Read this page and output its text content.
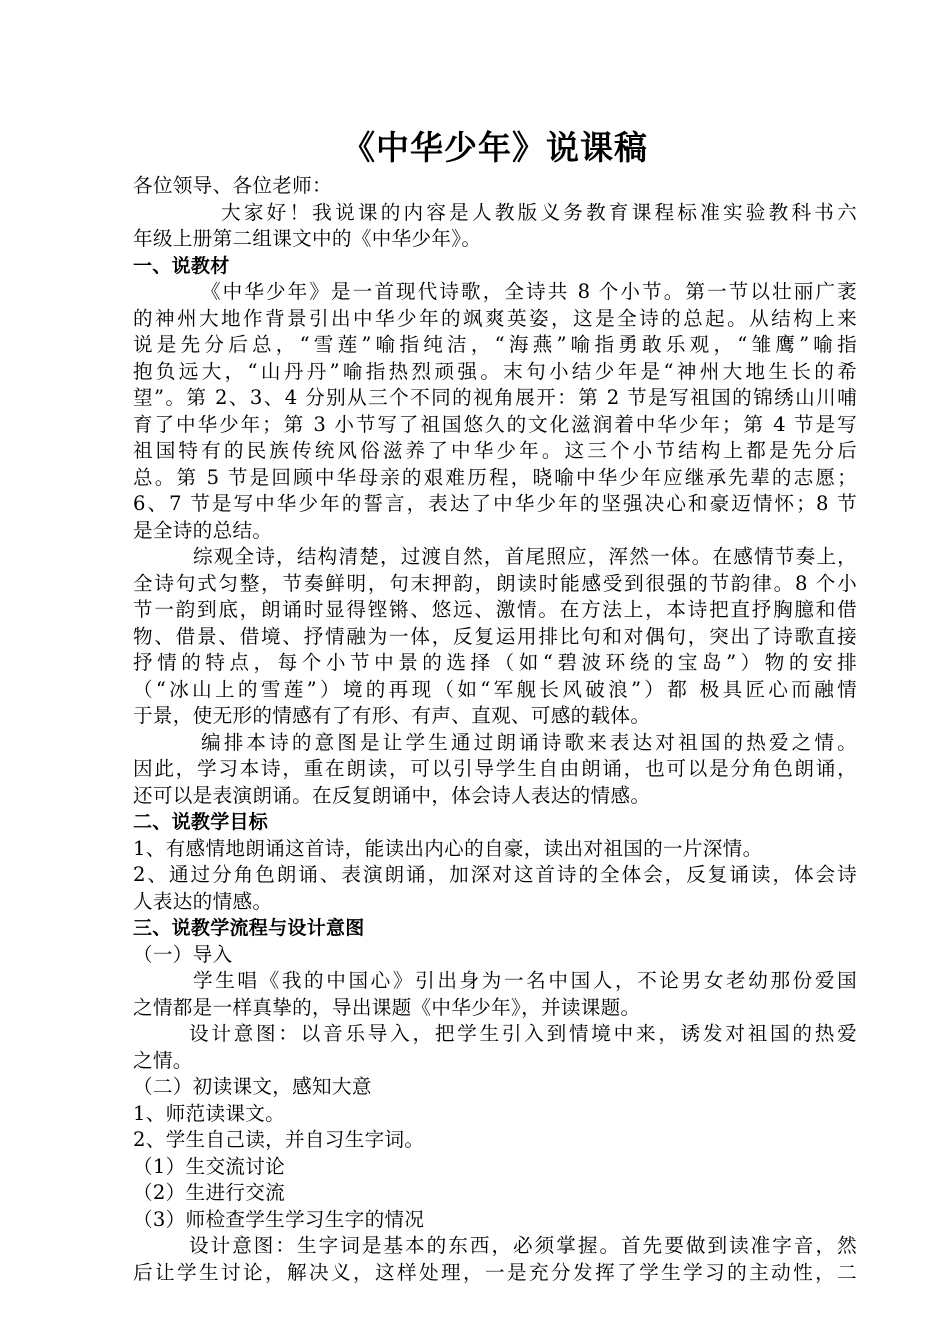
《中华少年》说课稿

各位领导、各位老师：

大家好！我说课的内容是人教版义务教育课程标准实验教科书六

年级上册第二组课文中的《中华少年》。

一、说教材

《中华少年》是一首现代诗歌，全诗共 8 个小节。第一节以壮丽广袤

的神州大地作背景引出中华少年的飒爽英姿，这是全诗的总起。从结构上来

说是先分后总，“雪莲”喻指纯洁，“海燕”喻指勇敢乐观，“雏鹰”喻指

抱负远大，“山丹丹”喻指热烈顽强。末句小结少年是“神州大地生长的希

望”。第 2、3、4 分别从三个不同的视角展开：第 2 节是写祖国的锦绣山川哺

育了中华少年；第 3 小节写了祖国悠久的文化滋润着中华少年；第 4 节是写

祖国特有的民族传统风俗滋养了中华少年。这三个小节结构上都是先分后

总。第 5 节是回顾中华母亲的艰难历程，晓喻中华少年应继承先辈的志愿；

6、7 节是写中华少年的誓言，表达了中华少年的坚强决心和豪迈情怀；8 节

是全诗的总结。

综观全诗，结构清楚，过渡自然，首尾照应，浑然一体。在感情节奏上，

全诗句式匀整，节奏鲜明，句末押韵，朗读时能感受到很强的节韵律。8 个小

节一韵到底，朗诵时显得铿锵、悠远、激情。在方法上，本诗把直抒胸臆和借

物、借景、借境、抒情融为一体，反复运用排比句和对偶句，突出了诗歌直接

抒情的特点，每个小节中景的选择（如“碧波环绕的宝岛”）物的安排

（“冰山上的雪莲”）境的再现（如“军舰长风破浪”）都 极具匠心而融情

于景，使无形的情感有了有形、有声、直观、可感的载体。

编排本诗的意图是让学生通过朗诵诗歌来表达对祖国的热爱之情。

因此，学习本诗，重在朗读，可以引导学生自由朗诵，也可以是分角色朗诵，

还可以是表演朗诵。在反复朗诵中，体会诗人表达的情感。

二、说教学目标

1、有感情地朗诵这首诗，能读出内心的自豪，读出对祖国的一片深情。

2、通过分角色朗诵、表演朗诵，加深对这首诗的全体会，反复诵读，体会诗

人表达的情感。

三、说教学流程与设计意图

（一）导入

学生唱《我的中国心》引出身为一名中国人，不论男女老幼那份爱国

之情都是一样真挚的，导出课题《中华少年》，并读课题。

设计意图：以音乐导入，把学生引入到情境中来，诱发对祖国的热爱

之情。

（二）初读课文，感知大意

1、师范读课文。

2、学生自己读，并自习生字词。

（1）生交流讨论

（2）生进行交流

（3）师检查学生学习生字的情况

设计意图：生字词是基本的东西，必须掌握。首先要做到读准字音，然

后让学生讨论，解决义，这样处理，一是充分发挥了学生学习的主动性，二
